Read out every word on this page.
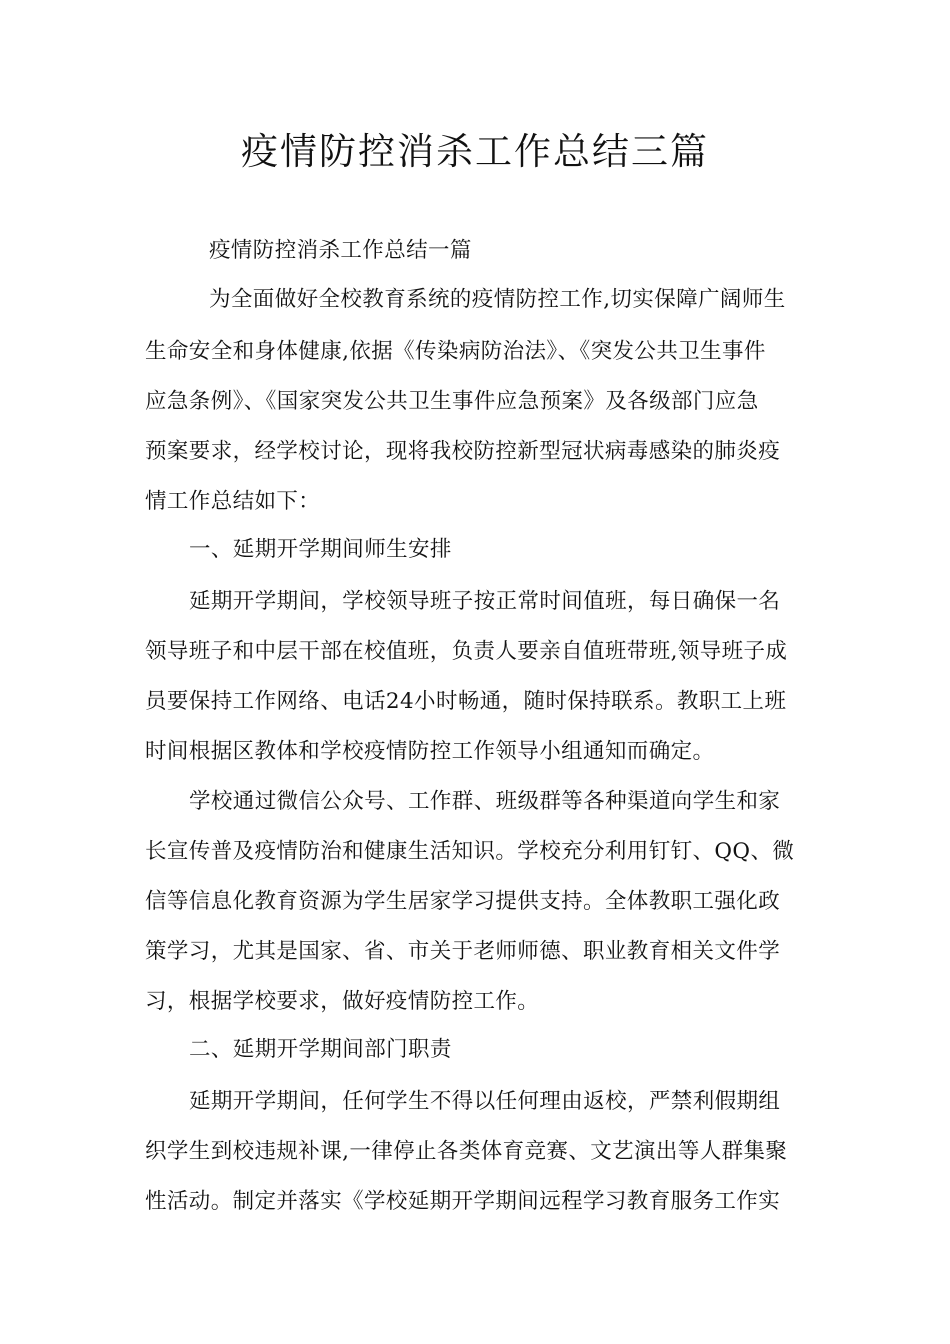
疫情防控消杀工作总结三篇
疫情防控消杀工作总结一篇
为全面做好全校教育系统的疫情防控工作,切实保障广阔师生
生命安全和身体健康,依据《传染病防治法》、《突发公共卫生事件
应急条例》、《国家突发公共卫生事件应急预案》及各级部门应急
预案要求，经学校讨论，现将我校防控新型冠状病毒感染的肺炎疫
情工作总结如下：
一、延期开学期间师生安排
延期开学期间，学校领导班子按正常时间值班，每日确保一名
领导班子和中层干部在校值班，负责人要亲自值班带班,领导班子成
员要保持工作网络、电话24小时畅通，随时保持联系。教职工上班
时间根据区教体和学校疫情防控工作领导小组通知而确定。
学校通过微信公众号、工作群、班级群等各种渠道向学生和家
长宣传普及疫情防治和健康生活知识。学校充分利用钉钉、QQ、微
信等信息化教育资源为学生居家学习提供支持。全体教职工强化政
策学习，尤其是国家、省、市关于老师师德、职业教育相关文件学
习，根据学校要求，做好疫情防控工作。
二、延期开学期间部门职责
延期开学期间，任何学生不得以任何理由返校，严禁利假期组
织学生到校违规补课,一律停止各类体育竞赛、文艺演出等人群集聚
性活动。制定并落实《学校延期开学期间远程学习教育服务工作实
